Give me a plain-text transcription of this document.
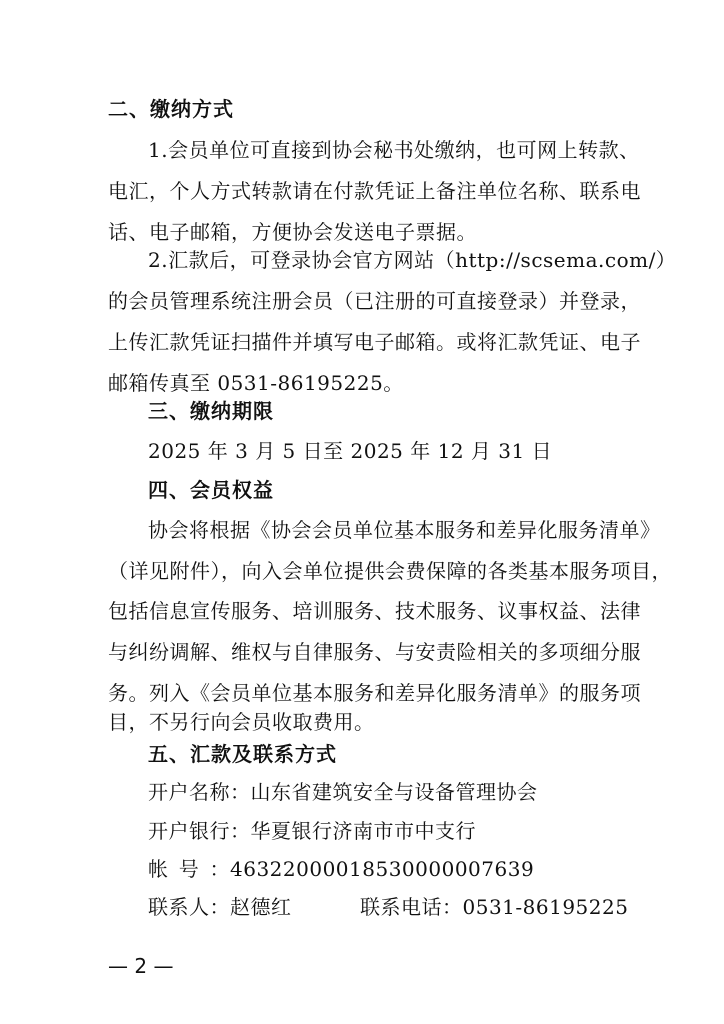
二、缴纳方式
1.会员单位可直接到协会秘书处缴纳，也可网上转款、
电汇，个人方式转款请在付款凭证上备注单位名称、联系电
话、电子邮箱，方便协会发送电子票据。
2.汇款后，可登录协会官方网站（http://scsema.com/）
的会员管理系统注册会员（已注册的可直接登录）并登录，
上传汇款凭证扫描件并填写电子邮箱。或将汇款凭证、电子
邮箱传真至 0531-86195225。
三、缴纳期限
2025 年 3 月 5 日至 2025 年 12 月 31 日
四、会员权益
协会将根据《协会会员单位基本服务和差异化服务清单》
（详见附件），向入会单位提供会费保障的各类基本服务项目，
包括信息宣传服务、培训服务、技术服务、议事权益、法律
与纠纷调解、维权与自律服务、与安责险相关的多项细分服
务。列入《会员单位基本服务和差异化服务清单》的服务项
目，不另行向会员收取费用。
五、汇款及联系方式
开户名称：山东省建筑安全与设备管理协会
开户银行：华夏银行济南市市中支行
帐号：46322000018530000007639
联系人：赵德红	联系电话：0531-86195225
— 2 —
